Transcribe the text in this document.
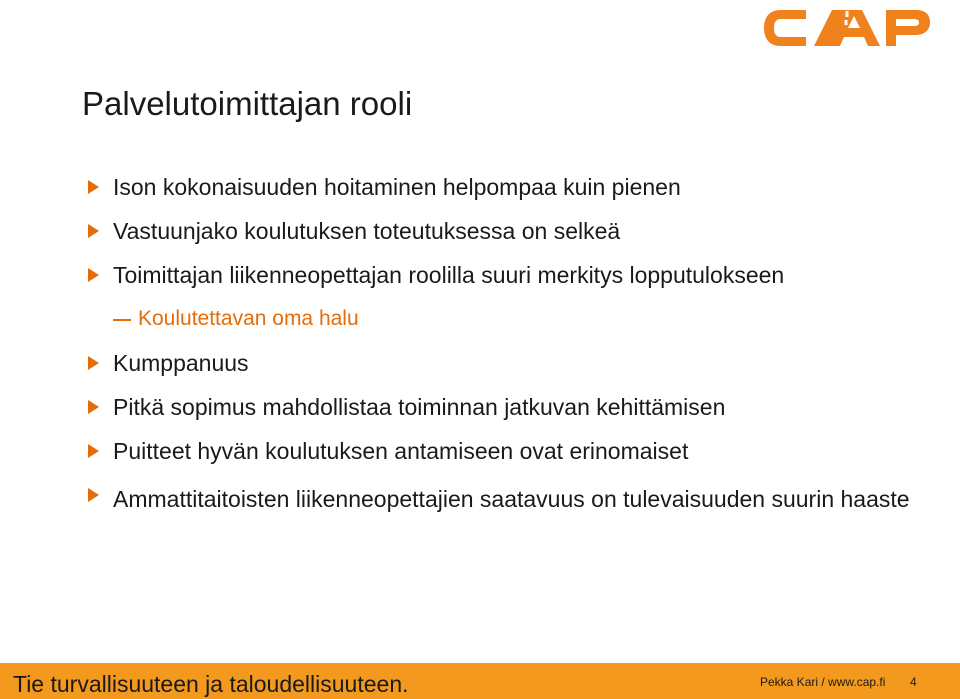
Palvelutoimittajan rooli
Ison kokonaisuuden hoitaminen helpompaa kuin pienen
Vastuunjako koulutuksen toteutuksessa on selkeä
Toimittajan liikenneopettajan roolilla suuri merkitys lopputulokseen
Koulutettavan oma halu
Kumppanuus
Pitkä sopimus mahdollistaa toiminnan jatkuvan kehittämisen
Puitteet hyvän koulutuksen antamiseen ovat erinomaiset
Ammattitaitoisten liikenneopettajien saatavuus on tulevaisuuden suurin haaste
Tie turvallisuuteen ja taloudellisuuteen.	Pekka Kari / www.cap.fi 4
